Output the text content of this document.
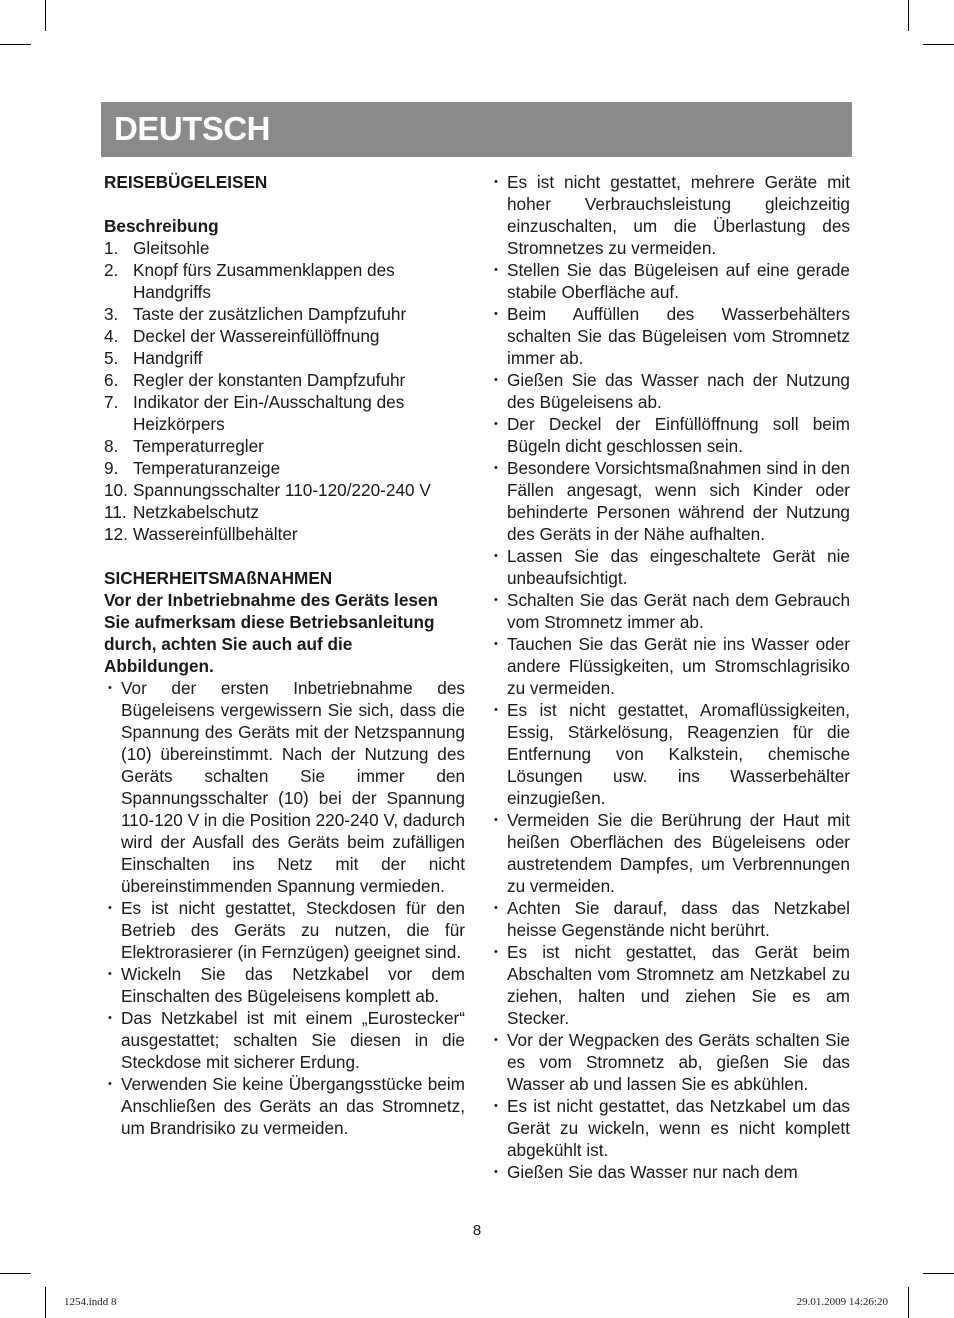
DEUTSCH
REISEBÜGELEISEN
Beschreibung
1. Gleitsohle
2. Knopf fürs Zusammenklappen des Handgriffs
3. Taste der zusätzlichen Dampfzufuhr
4. Deckel der Wassereinfüllöffnung
5. Handgriff
6. Regler der konstanten Dampfzufuhr
7. Indikator der Ein-/Ausschaltung des Heizkörpers
8. Temperaturregler
9. Temperaturanzeige
10. Spannungsschalter 110-120/220-240 V
11. Netzkabelschutz
12. Wassereinfüllbehälter
SICHERHEITSMAßNAHMEN
Vor der Inbetriebnahme des Geräts lesen Sie aufmerksam diese Betriebsanleitung durch, achten Sie auch auf die Abbildungen.
• Vor der ersten Inbetriebnahme des Bügeleisens vergewissern Sie sich, dass die Spannung des Geräts mit der Netzspannung (10) übereinstimmt. Nach der Nutzung des Geräts schalten Sie immer den Spannungsschalter (10) bei der Spannung 110-120 V in die Position 220-240 V, dadurch wird der Ausfall des Geräts beim zufälligen Einschalten ins Netz mit der nicht übereinstimmenden Spannung vermieden.
• Es ist nicht gestattet, Steckdosen für den Betrieb des Geräts zu nutzen, die für Elektrorasierer (in Fernzügen) geeignet sind.
• Wickeln Sie das Netzkabel vor dem Einschalten des Bügeleisens komplett ab.
• Das Netzkabel ist mit einem „Eurostecker“ ausgestattet; schalten Sie diesen in die Steckdose mit sicherer Erdung.
• Verwenden Sie keine Übergangsstücke beim Anschließen des Geräts an das Stromnetz, um Brandrisiko zu vermeiden.
• Es ist nicht gestattet, mehrere Geräte mit hoher Verbrauchsleistung gleichzeitig einzuschalten, um die Überlastung des Stromnetzes zu vermeiden.
• Stellen Sie das Bügeleisen auf eine gerade stabile Oberfläche auf.
• Beim Auffüllen des Wasserbehälters schalten Sie das Bügeleisen vom Stromnetz immer ab.
• Gießen Sie das Wasser nach der Nutzung des Bügeleisens ab.
• Der Deckel der Einfüllöffnung soll beim Bügeln dicht geschlossen sein.
• Besondere Vorsichtsmaßnahmen sind in den Fällen angesagt, wenn sich Kinder oder behinderte Personen während der Nutzung des Geräts in der Nähe aufhalten.
• Lassen Sie das eingeschaltete Gerät nie unbeaufsichtigt.
• Schalten Sie das Gerät nach dem Gebrauch vom Stromnetz immer ab.
• Tauchen Sie das Gerät nie ins Wasser oder andere Flüssigkeiten, um Stromschlagrisiko zu vermeiden.
• Es ist nicht gestattet, Aromaflüssigkeiten, Essig, Stärkelösung, Reagenzien für die Entfernung von Kalkstein, chemische Lösungen usw. ins Wasserbehälter einzugießen.
• Vermeiden Sie die Berührung der Haut mit heißen Oberflächen des Bügeleisens oder austretendem Dampfes, um Verbrennungen zu vermeiden.
• Achten Sie darauf, dass das Netzkabel heisse Gegenstände nicht berührt.
• Es ist nicht gestattet, das Gerät beim Abschalten vom Stromnetz am Netzkabel zu ziehen, halten und ziehen Sie es am Stecker.
• Vor der Wegpacken des Geräts schalten Sie es vom Stromnetz ab, gießen Sie das Wasser ab und lassen Sie es abkühlen.
• Es ist nicht gestattet, das Netzkabel um das Gerät zu wickeln, wenn es nicht komplett abgekühlt ist.
• Gießen Sie das Wasser nur nach dem
8
1254.indd 8	29.01.2009 14:26:20
